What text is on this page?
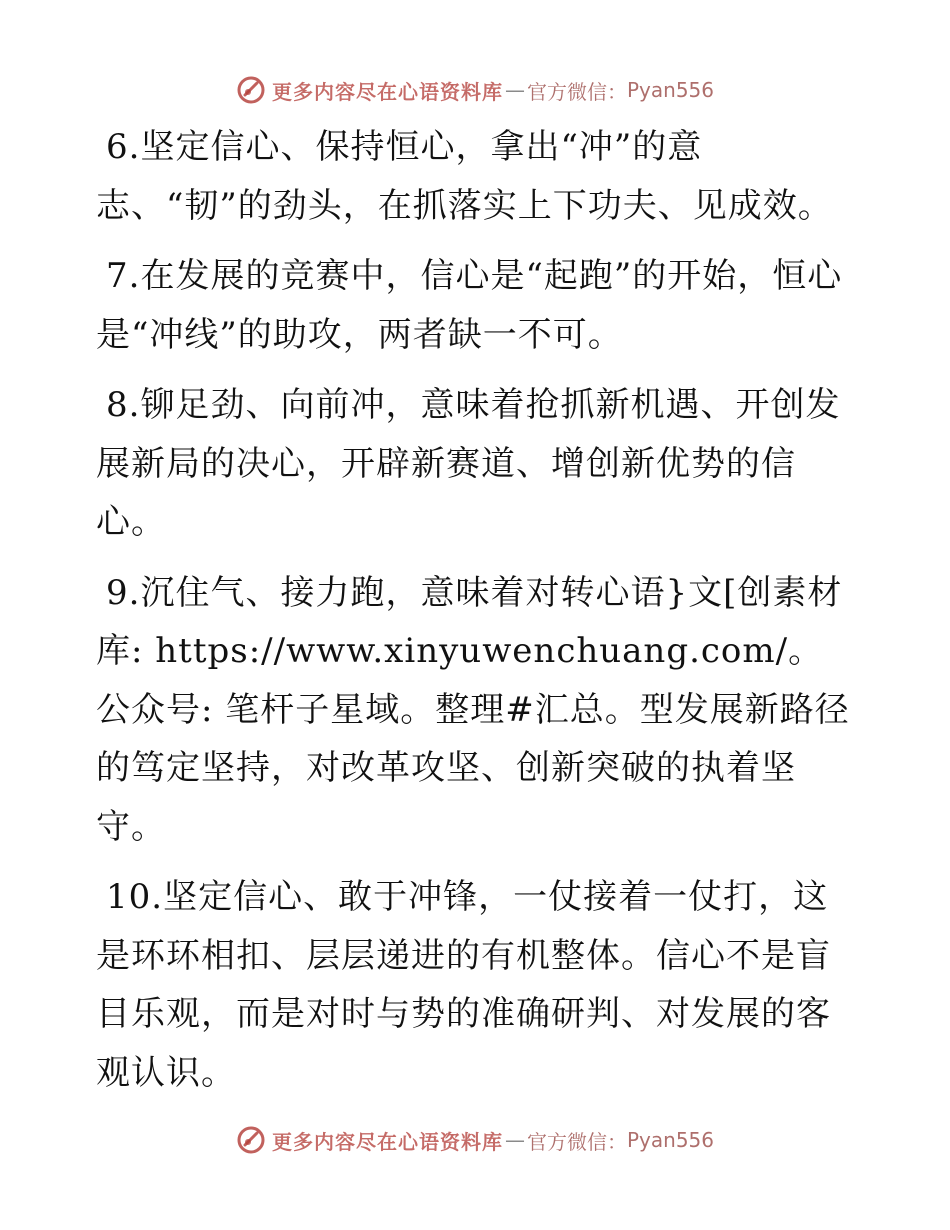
更多内容尽在心语资料库 — 官方微信： Pyan556

6.坚定信心、保持恒心，拿出“冲”的意志、“韧”的劲头，在抓落实上下功夫、见成效。

7.在发展的竞赛中，信心是“起跑”的开始，恒心是“冲线”的助攻，两者缺一不可。

8.铆足劲、向前冲，意味着抢抓新机遇、开创发展新局的决心，开辟新赛道、增创新优势的信心。

9.沉住气、接力跑，意味着对转心语}文[创素材库: https://www.xinyuwenchuang.com/。公众号: 笔杆子星域。整理#汇总。型发展新路径的笃定坚持，对改革攻坚、创新突破的执着坚守。

10.坚定信心、敢于冲锋，一仗接着一仗打，这是环环相扣、层层递进的有机整体。信心不是盲目乐观，而是对时与势的准确研判、对发展的客观认识。

更多内容尽在心语资料库 — 官方微信： Pyan556
